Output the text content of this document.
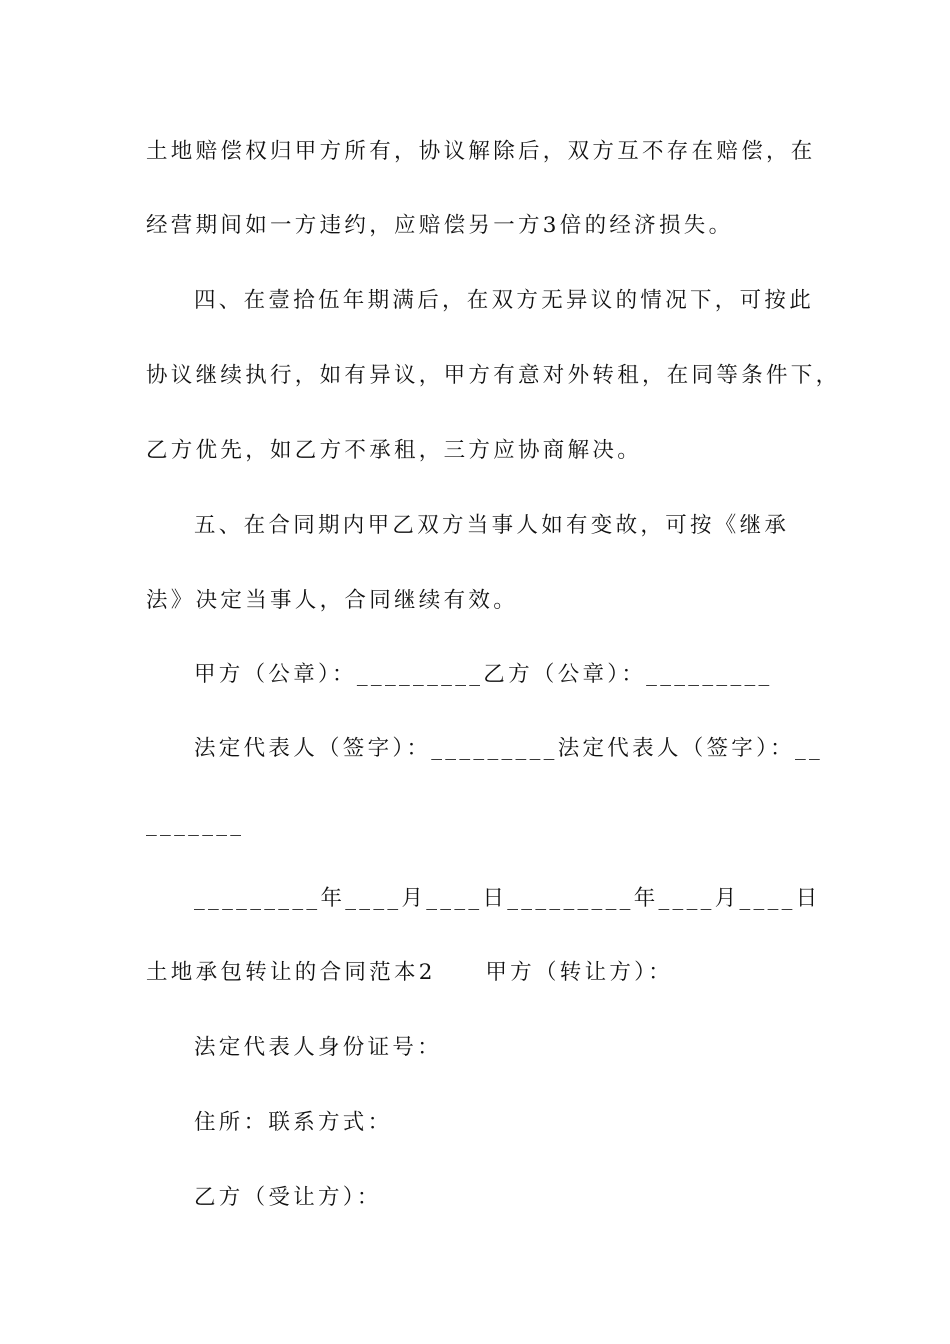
土地赔偿权归甲方所有，协议解除后，双方互不存在赔偿，在
经营期间如一方违约，应赔偿另一方3倍的经济损失。
四、在壹拾伍年期满后，在双方无异议的情况下，可按此
协议继续执行，如有异议，甲方有意对外转租，在同等条件下，
乙方优先，如乙方不承租，三方应协商解决。
五、在合同期内甲乙双方当事人如有变故，可按《继承
法》决定当事人，合同继续有效。
甲方（公章）：_________乙方（公章）：_________
法定代表人（签字）：_________法定代表人（签字）：__
_______
_________年____月____日_________年____月____日
土地承包转让的合同范本2　　甲方（转让方）：
法定代表人身份证号：
住所：联系方式：
乙方（受让方）：
